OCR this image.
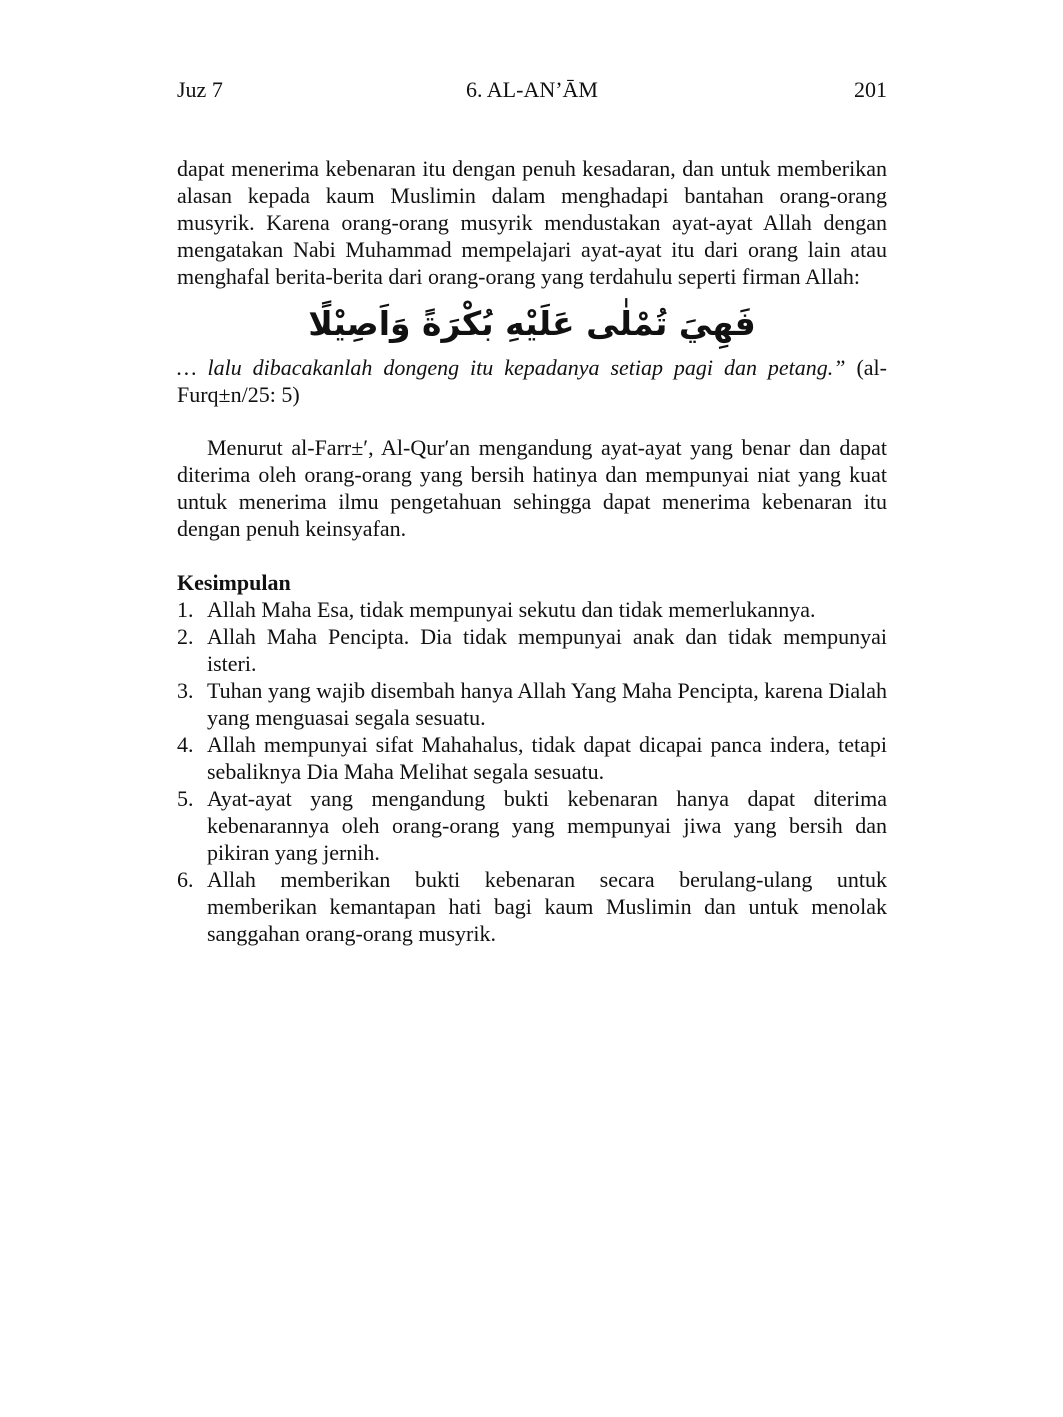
Juz 7	6. AL-AN’ĀM	201

dapat menerima kebenaran itu dengan penuh kesadaran, dan untuk memberikan alasan kepada kaum Muslimin dalam menghadapi bantahan orang-orang musyrik. Karena orang-orang musyrik mendustakan ayat-ayat Allah dengan mengatakan Nabi Muhammad mempelajari ayat-ayat itu dari orang lain atau menghafal berita-berita dari orang-orang yang terdahulu seperti firman Allah:

فَهِيَ تُمْلٰى عَلَيْهِ بُكْرَةً وَاَصِيْلًا

… lalu dibacakanlah dongeng itu kepadanya setiap pagi dan petang.” (al-Furq±n/25: 5)

Menurut al-Farr±′, Al-Qur′an mengandung ayat-ayat yang benar dan dapat diterima oleh orang-orang yang bersih hatinya dan mempunyai niat yang kuat untuk menerima ilmu pengetahuan sehingga dapat menerima kebenaran itu dengan penuh keinsyafan.

Kesimpulan
1. Allah Maha Esa, tidak mempunyai sekutu dan tidak memerlukannya.
2. Allah Maha Pencipta. Dia tidak mempunyai anak dan tidak mempunyai isteri.
3. Tuhan yang wajib disembah hanya Allah Yang Maha Pencipta, karena Dialah yang menguasai segala sesuatu.
4. Allah mempunyai sifat Mahahalus, tidak dapat dicapai panca indera, tetapi sebaliknya Dia Maha Melihat segala sesuatu.
5. Ayat-ayat yang mengandung bukti kebenaran hanya dapat diterima kebenarannya oleh orang-orang yang mempunyai jiwa yang bersih dan pikiran yang jernih.
6. Allah memberikan bukti kebenaran secara berulang-ulang untuk memberikan kemantapan hati bagi kaum Muslimin dan untuk menolak sanggahan orang-orang musyrik.
